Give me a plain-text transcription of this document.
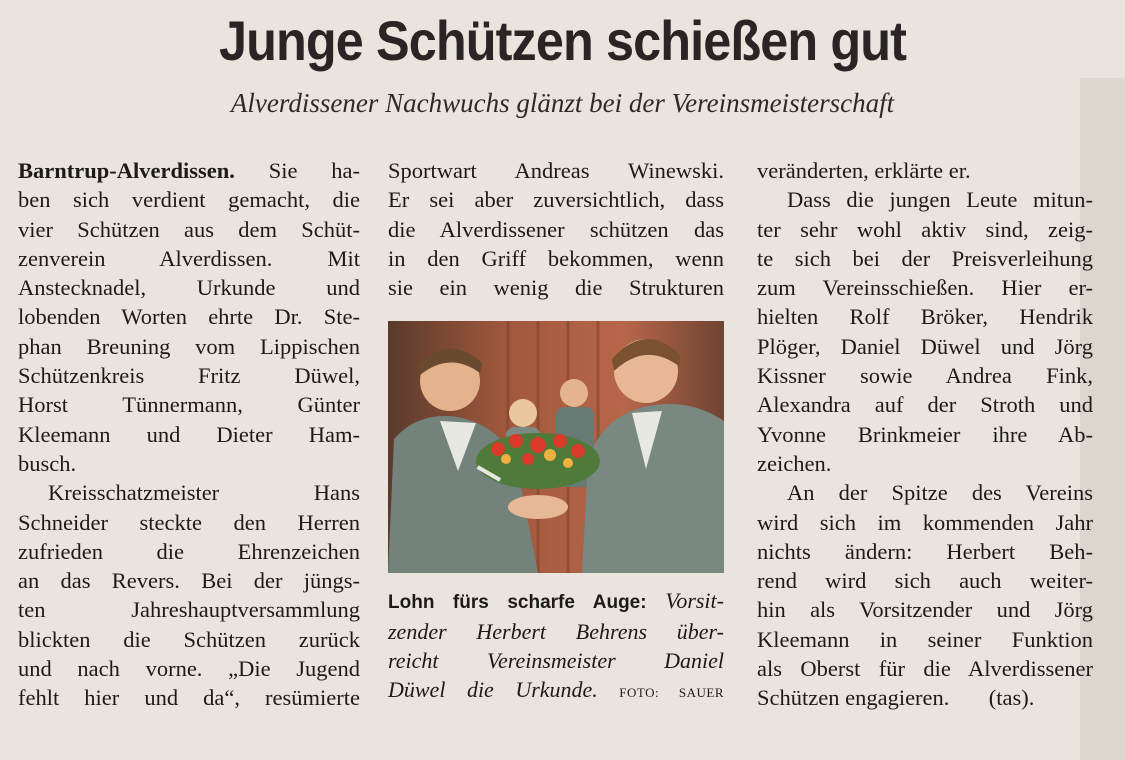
Junge Schützen schießen gut
Alverdissener Nachwuchs glänzt bei der Vereinsmeisterschaft
Barntrup-Alverdissen. Sie ha-
ben sich verdient gemacht, die
vier Schützen aus dem Schüt-
zenverein Alverdissen. Mit
Anstecknadel, Urkunde und
lobenden Worten ehrte Dr. Ste-
phan Breuning vom Lippischen
Schützenkreis Fritz Düwel,
Horst Tünnermann, Günter
Kleemann und Dieter Ham-
busch.
Kreisschatzmeister Hans
Schneider steckte den Herren
zufrieden die Ehrenzeichen
an das Revers. Bei der jüngs-
ten Jahreshauptversammlung
blickten die Schützen zurück
und nach vorne. „Die Jugend
fehlt hier und da“, resümierte
Sportwart Andreas Winewski.
Er sei aber zuversichtlich, dass
die Alverdissener schützen das
in den Griff bekommen, wenn
sie ein wenig die Strukturen
Lohn fürs scharfe Auge: Vorsit-
zender Herbert Behrens über-
reicht Vereinsmeister Daniel
Düwel die Urkunde. FOTO: SAUER
veränderten, erklärte er.
Dass die jungen Leute mitun-
ter sehr wohl aktiv sind, zeig-
te sich bei der Preisverleihung
zum Vereinsschießen. Hier er-
hielten Rolf Bröker, Hendrik
Plöger, Daniel Düwel und Jörg
Kissner sowie Andrea Fink,
Alexandra auf der Stroth und
Yvonne Brinkmeier ihre Ab-
zeichen.
An der Spitze des Vereins
wird sich im kommenden Jahr
nichts ändern: Herbert Beh-
rend wird sich auch weiter-
hin als Vorsitzender und Jörg
Kleemann in seiner Funktion
als Oberst für die Alverdissener
Schützen engagieren.       (tas).
